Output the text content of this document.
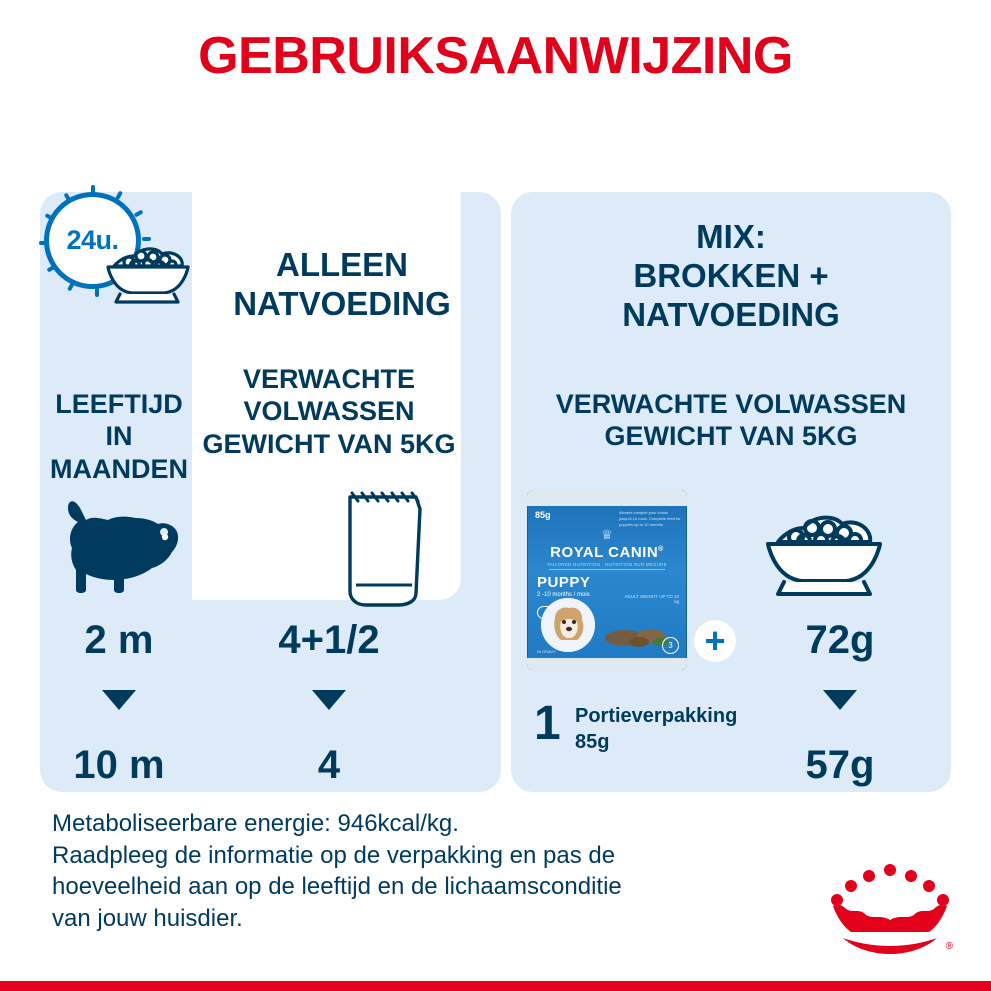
GEBRUIKSAANWIJZING
24u.
ALLEEN
NATVOEDING
MIX:
BROKKEN +
NATVOEDING
LEEFTIJD IN
MAANDEN
VERWACHTE
VOLWASSEN
GEWICHT VAN 5KG
VERWACHTE VOLWASSEN
GEWICHT VAN 5KG
2 m
10 m
4+1/2
4
85g	Aliment complet pour chiots jusqu'à 10 mois. Complete feed for puppies up to 10 months.
♕
ROYAL CANIN®
TAILORED NUTRITION · NUTRITION SUR MESURE
PUPPY
2 -10 months / mois	ADULT WEIGHT UP TO 10 kg
3
IN GRAVY
1 Portieverpakking
85g
+	72g
57g
Metaboliseerbare energie: 946kcal/kg.
Raadpleeg de informatie op de verpakking en pas de
hoeveelheid aan op de leeftijd en de lichaamsconditie
van jouw huisdier.
®
